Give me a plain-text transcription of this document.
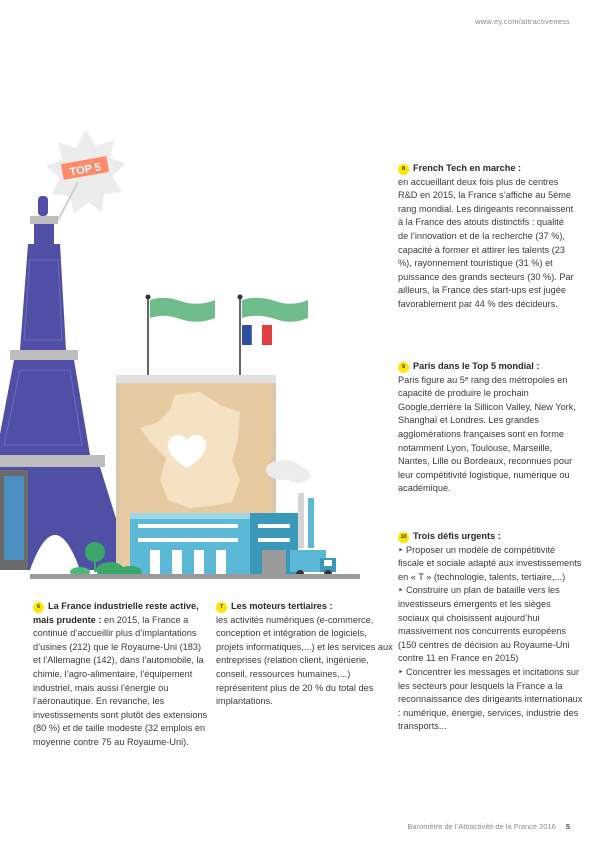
www.ey.com/attractiveness
TOP 5	8 French Tech en marche :
en accueillant deux fois plus de centres R&D en 2015, la France s’affiche au 5ème rang mondial. Les dirigeants reconnaissent à la France des atouts distinctifs : qualité de l’innovation et de la recherche (37 %), capacité à former et attirer les talents (23 %), rayonnement touristique (31 %) et puissance des grands secteurs (30 %). Par ailleurs, la France des start-ups est jugée favorablement par 44 % des décideurs.
9 Paris dans le Top 5 mondial :
Paris figure au 5ᵉ rang des métropoles en capacité de produire le prochain Google,derrière la Sillicon Valley, New York, Shanghaï et Londres. Les grandes agglomérations françaises sont en forme notamment Lyon, Toulouse, Marseille, Nantes, Lille ou Bordeaux, reconnues pour leur compétitivité logistique, numérique ou académique.
10 Trois défis urgents :
‣ Proposer un modèle de compétitivité fiscale et sociale adapté aux investissements en « T » (technologie, talents, tertiaire,...)
‣ Construire un plan de bataille vers les investisseurs émergents et les sièges sociaux qui choisissent aujourd’hui massivement nos concurrents européens (150 centres de décision au Royaume-Uni contre 11 en France en 2015)
‣ Concentrer les messages et incitations sur les secteurs pour lesquels la France a la reconnaissance des dirigeants internationaux : numérique, énergie, services, industrie des transports...
6 La France industrielle reste active, mais prudente : en 2015, la France a continué d’accueillir plus d’implantations d’usines (212) que le Royaume-Uni (183) et l’Allemagne (142), dans l’automobile, la chimie, l’agro-alimentaire, l’équipement industriel, mais aussi l’énergie ou l’aéronautique. En revanche, les investissements sont plutôt des extensions (80 %) et de taille modeste (32 emplois en moyenne contre 75 au Royaume-Uni).
7 Les moteurs tertiaires :
les activités numériques (e-commerce, conception et intégration de logiciels, projets informatiques,...) et les services aux entreprises (relation client, ingénierie, conseil, ressources humaines,...) représentent plus de 20 % du total des implantations.
Baromètre de l’Attractivité de la France 2016 5
